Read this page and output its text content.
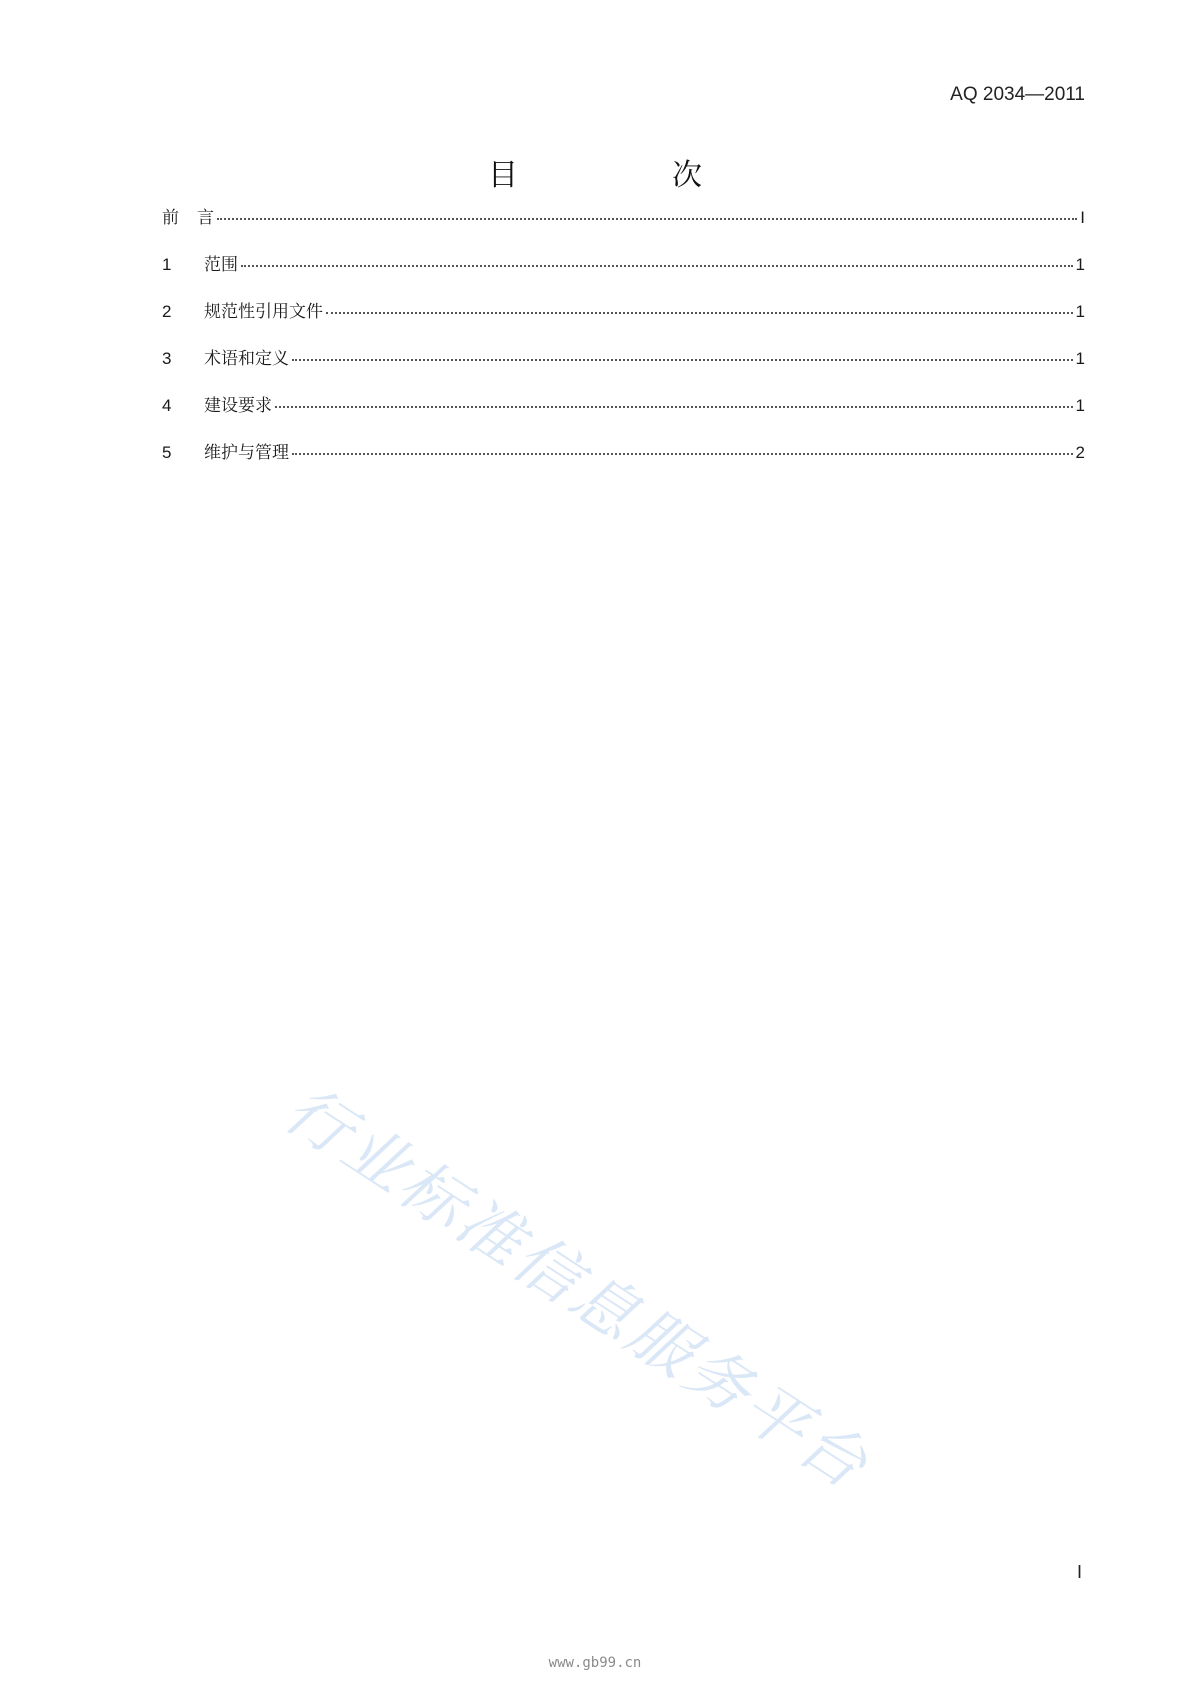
AQ 2034—2011
目　次
前言	I
1	范围	1
2	规范性引用文件	1
3	术语和定义	1
4	建设要求	1
5	维护与管理	2
行业标准信息服务平台
I
www.gb99.cn
